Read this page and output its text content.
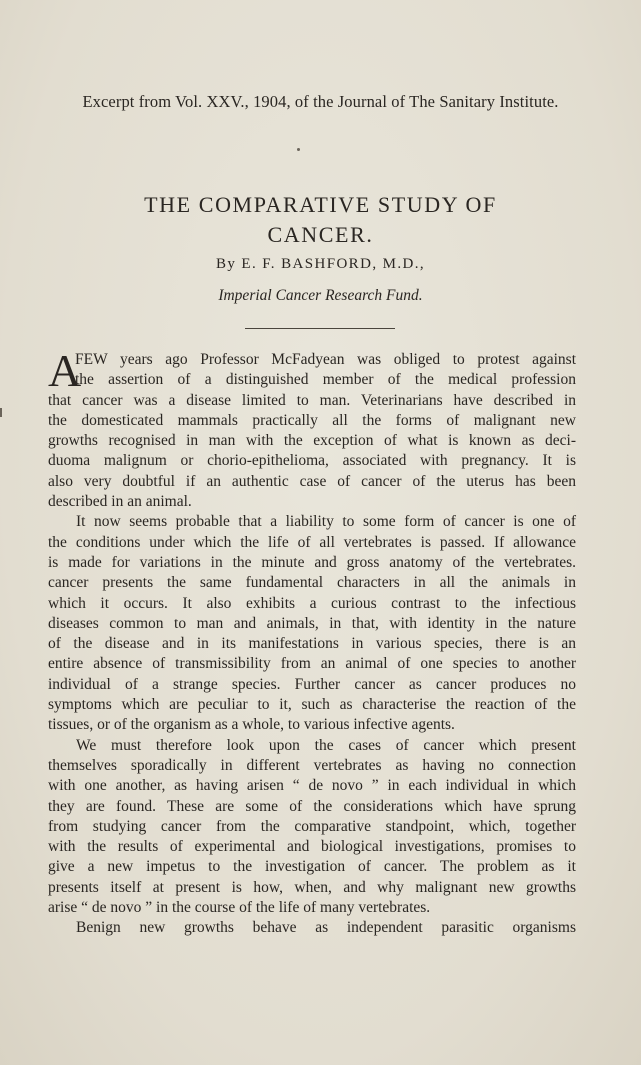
Excerpt from Vol. XXV., 1904, of the Journal of The Sanitary Institute.
THE COMPARATIVE STUDY OF
CANCER.
By E. F. BASHFORD, M.D.,
Imperial Cancer Research Fund.
A
FEW years ago Professor McFadyean was obliged to protest against
the assertion of a distinguished member of the medical profession
that cancer was a disease limited to man. Veterinarians have described in
the domesticated mammals practically all the forms of malignant new
growths recognised in man with the exception of what is known as deci-
duoma malignum or chorio-epithelioma, associated with pregnancy. It is
also very doubtful if an authentic case of cancer of the uterus has been
described in an animal.
It now seems probable that a liability to some form of cancer is one of
the conditions under which the life of all vertebrates is passed. If allowance
is made for variations in the minute and gross anatomy of the vertebrates.
cancer presents the same fundamental characters in all the animals in
which it occurs. It also exhibits a curious contrast to the infectious
diseases common to man and animals, in that, with identity in the nature
of the disease and in its manifestations in various species, there is an
entire absence of transmissibility from an animal of one species to another
individual of a strange species. Further cancer as cancer produces no
symptoms which are peculiar to it, such as characterise the reaction of the
tissues, or of the organism as a whole, to various infective agents.
We must therefore look upon the cases of cancer which present
themselves sporadically in different vertebrates as having no connection
with one another, as having arisen “ de novo ” in each individual in which
they are found. These are some of the considerations which have sprung
from studying cancer from the comparative standpoint, which, together
with the results of experimental and biological investigations, promises to
give a new impetus to the investigation of cancer. The problem as it
presents itself at present is how, when, and why malignant new growths
arise “ de novo ” in the course of the life of many vertebrates.
Benign new growths behave as independent parasitic organisms
